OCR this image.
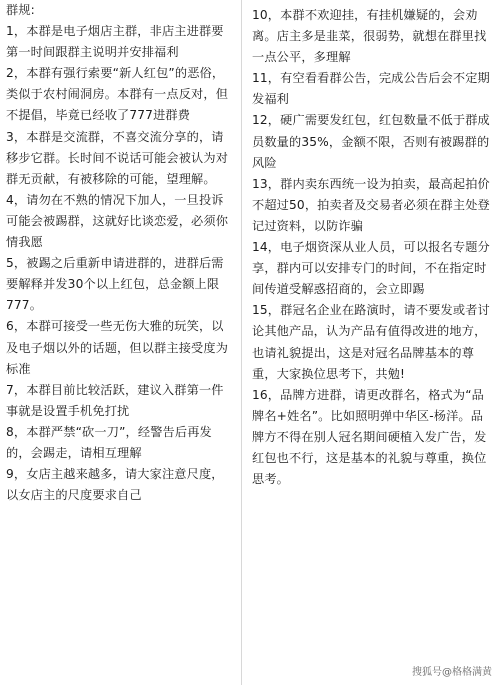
群规:

1，本群是电子烟店主群，非店主进群要第一时间跟群主说明并安排福利

2，本群有强行索要“新人红包”的恶俗，类似于农村闹洞房。本群有一点反对，但不提倡，毕竟已经收了777进群费

3，本群是交流群，不喜交流分享的，请移步它群。长时间不说话可能会被认为对群无贡献，有被移除的可能，望理解。

4，请勿在不熟的情况下加人，一旦投诉可能会被踢群，这就好比谈恋爱，必须你情我愿

5，被踢之后重新申请进群的，进群后需要解释并发30个以上红包，总金额上限777。

6，本群可接受一些无伤大雅的玩笑，以及电子烟以外的话题，但以群主接受度为标准

7，本群目前比较活跃，建议入群第一件事就是设置手机免打扰

8，本群严禁“砍一刀”，经警告后再发的，会踢走，请相互理解

9，女店主越来越多，请大家注意尺度，以女店主的尺度要求自己

10，本群不欢迎挂，有挂机嫌疑的，会劝离。店主多是韭菜，很弱势，就想在群里找一点公平，多理解

11，有空看看群公告，完成公告后会不定期发福利

12，硬广需要发红包，红包数量不低于群成员数量的35%，金额不限，否则有被踢群的风险

13，群内卖东西统一设为拍卖，最高起拍价不超过50，拍卖者及交易者必须在群主处登记过资料，以防诈骗

14，电子烟资深从业人员，可以报名专题分享，群内可以安排专门的时间，不在指定时间传道受解惑招商的，会立即踢

15，群冠名企业在路演时，请不要发或者讨论其他产品，认为产品有值得改进的地方，也请礼貌提出，这是对冠名品牌基本的尊重，大家换位思考下，共勉!

16，品牌方进群，请更改群名，格式为“品牌名+姓名”。比如照明弹中华区-杨洋。品牌方不得在别人冠名期间硬植入发广告，发红包也不行，这是基本的礼貌与尊重，换位思考。

搜狐号@格格满黄
